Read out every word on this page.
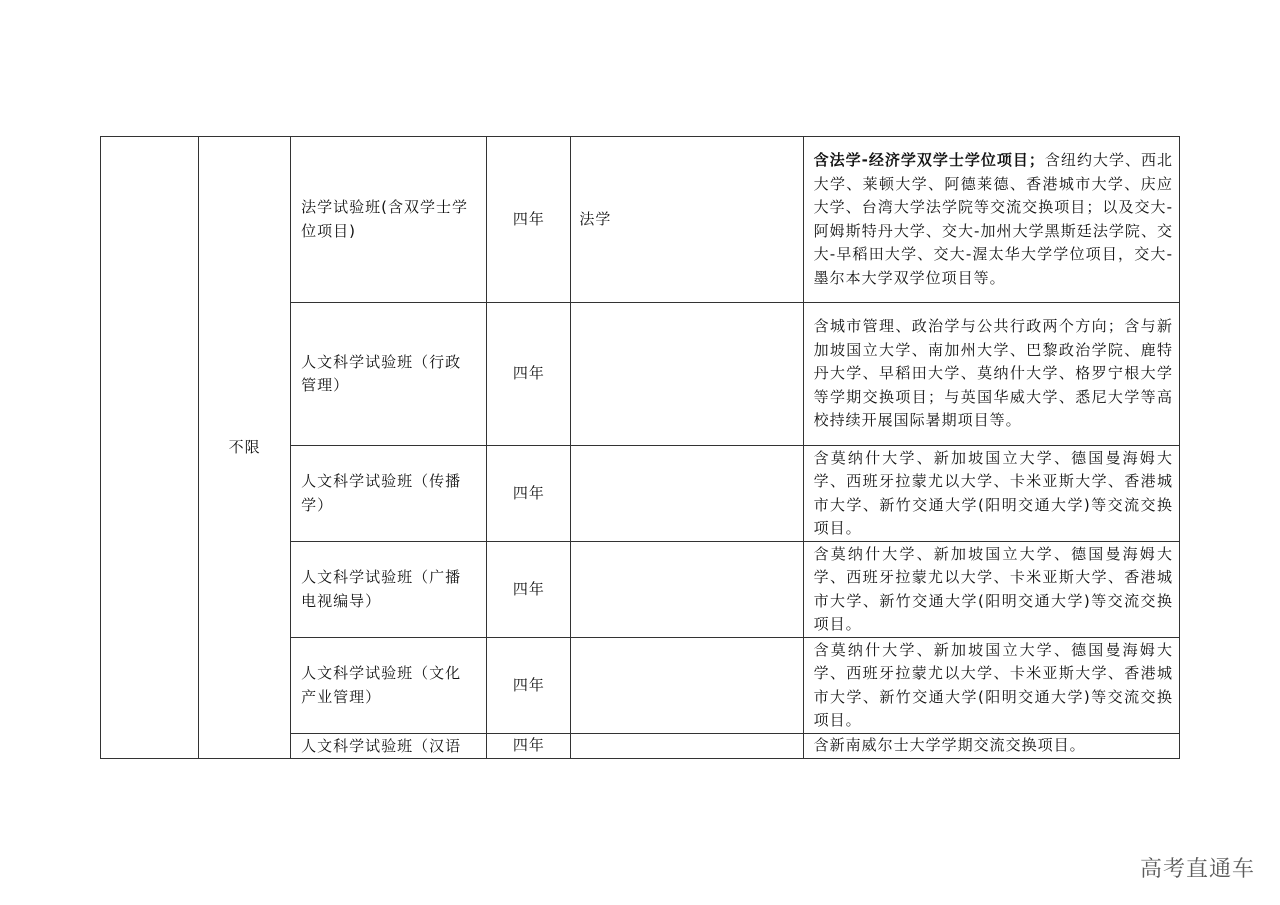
	不限	法学试验班(含双学士学位项目)	四年	法学	含法学-经济学双学士学位项目；含纽约大学、西北大学、莱顿大学、阿德莱德、香港城市大学、庆应大学、台湾大学法学院等交流交换项目；以及交大-阿姆斯特丹大学、交大-加州大学黑斯廷法学院、交大-早稻田大学、交大-渥太华大学学位项目，交大-墨尔本大学双学位项目等。
		人文科学试验班（行政管理）	四年		含城市管理、政治学与公共行政两个方向；含与新加坡国立大学、南加州大学、巴黎政治学院、鹿特丹大学、早稻田大学、莫纳什大学、格罗宁根大学等学期交换项目；与英国华威大学、悉尼大学等高校持续开展国际暑期项目等。
		人文科学试验班（传播学）	四年		含莫纳什大学、新加坡国立大学、德国曼海姆大学、西班牙拉蒙尤以大学、卡米亚斯大学、香港城市大学、新竹交通大学(阳明交通大学)等交流交换项目。
		人文科学试验班（广播电视编导）	四年		含莫纳什大学、新加坡国立大学、德国曼海姆大学、西班牙拉蒙尤以大学、卡米亚斯大学、香港城市大学、新竹交通大学(阳明交通大学)等交流交换项目。
		人文科学试验班（文化产业管理）	四年		含莫纳什大学、新加坡国立大学、德国曼海姆大学、西班牙拉蒙尤以大学、卡米亚斯大学、香港城市大学、新竹交通大学(阳明交通大学)等交流交换项目。

		人文科学试验班（汉语	四年		含新南威尔士大学学期交流交换项目。
高考直通车
